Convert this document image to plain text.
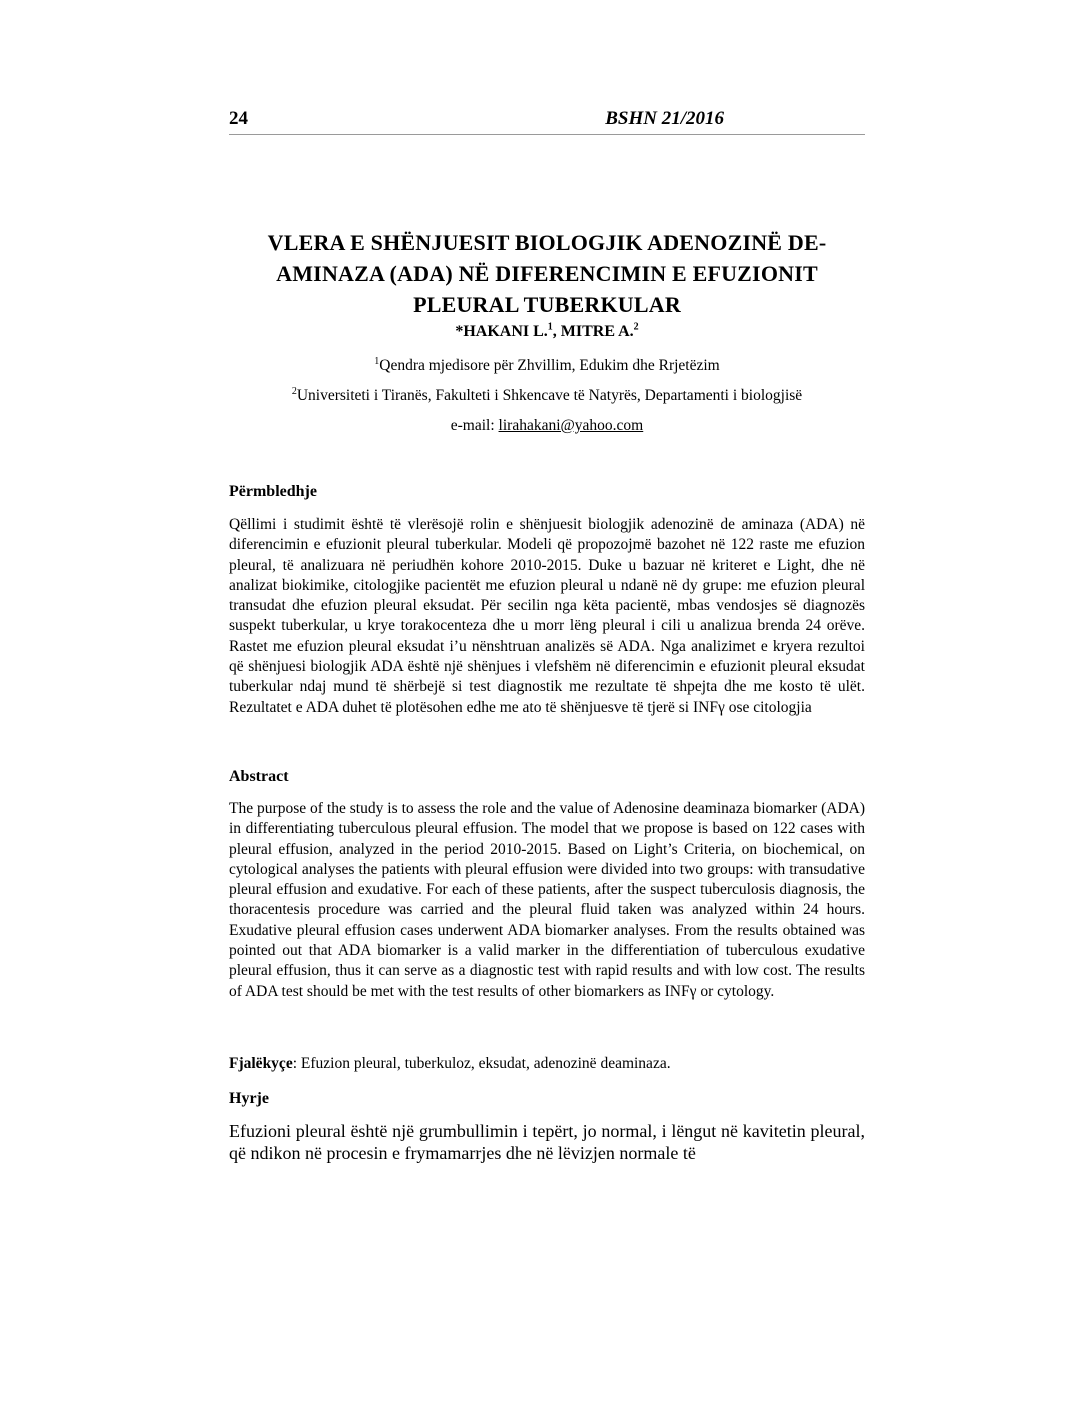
24	BSHN 21/2016
VLERA E SHËNJUESIT BIOLOGJIK ADENOZINË DE-AMINAZA (ADA) NË DIFERENCIMIN E EFUZIONIT PLEURAL TUBERKULAR
*HAKANI L.$^1$, MITRE A.$^2$
$^1$Qendra mjedisore për Zhvillim, Edukim dhe Rrjetëzim
$^2$Universiteti i Tiranës, Fakulteti i Shkencave të Natyrës, Departamenti i biologjisë
e-mail: lirahakani@yahoo.com
Përmbledhje
Qëllimi i studimit është të vlerësojë rolin e shënjuesit biologjik adenozinë de aminaza (ADA) në diferencimin e efuzionit pleural tuberkular. Modeli që propozojmë bazohet në 122 raste me efuzion pleural, të analizuara në periudhën kohore 2010-2015. Duke u bazuar në kriteret e Light, dhe në analizat biokimike, citologjike pacientët me efuzion pleural u ndanë në dy grupe: me efuzion pleural transudat dhe efuzion pleural eksudat. Për secilin nga këta pacientë, mbas vendosjes së diagnozës suspekt tuberkular, u krye torakocenteza dhe u morr lëng pleural i cili u analizua brenda 24 orëve. Rastet me efuzion pleural eksudat i’u nënshtruan analizës së ADA. Nga analizimet e kryera rezultoi që shënjuesi biologjik ADA është një shënjues i vlefshëm në diferencimin e efuzionit pleural eksudat tuberkular ndaj mund të shërbejë si test diagnostik me rezultate të shpejta dhe me kosto të ulët. Rezultatet e ADA duhet të plotësohen edhe me ato të shënjuesve të tjerë si INFγ ose citologjia
Abstract
The purpose of the study is to assess the role and the value of Adenosine deaminaza biomarker (ADA) in differentiating tuberculous pleural effusion. The model that we propose is based on 122 cases with pleural effusion, analyzed in the period 2010-2015. Based on Light’s Criteria, on biochemical, on cytological analyses the patients with pleural effusion were divided into two groups: with transudative pleural effusion and exudative. For each of these patients, after the suspect tuberculosis diagnosis, the thoracentesis procedure was carried and the pleural fluid taken was analyzed within 24 hours. Exudative pleural effusion cases underwent ADA biomarker analyses. From the results obtained was pointed out that ADA biomarker is a valid marker in the differentiation of tuberculous exudative pleural effusion, thus it can serve as a diagnostic test with rapid results and with low cost. The results of ADA test should be met with the test results of other biomarkers as INFγ or cytology.
Fjalëkyçe: Efuzion pleural, tuberkuloz, eksudat, adenozinë deaminaza.
Hyrje
Efuzioni pleural është një grumbullimin i tepërt, jo normal, i lëngut në kavitetin pleural, që ndikon në procesin e frymamarrjes dhe në lëvizjen normale të
